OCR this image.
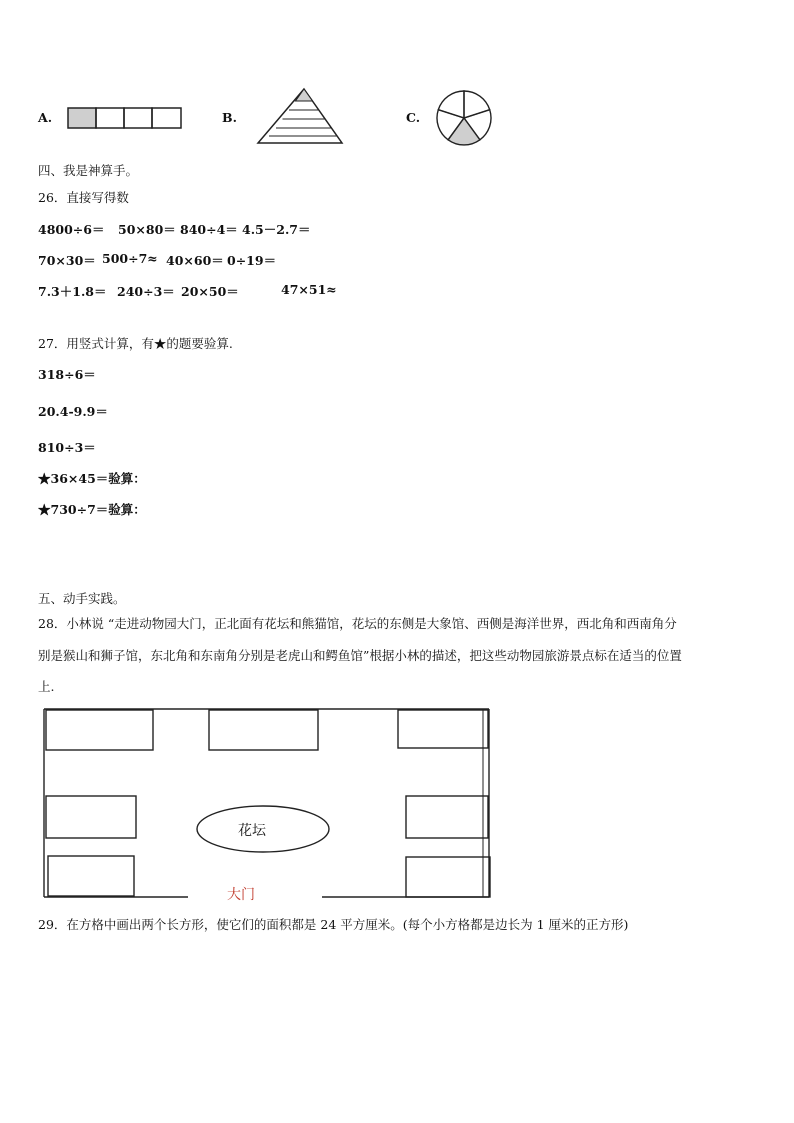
A.	B.	C.
四、我是神算手。
26．直接写得数
4800÷6＝ 50×80＝ 840÷4＝ 4.5－2.7＝
70×30＝ 500÷7≈ 40×60＝ 0÷19＝
7.3＋1.8＝ 240÷3＝ 20×50＝	47×51≈
27．用竖式计算，有★的题要验算.
318÷6＝
20.4-9.9＝
810÷3＝
★36×45＝验算：
★730÷7＝验算：
五、动手实践。
28．小林说 “走进动物园大门，正北面有花坛和熊猫馆，花坛的东侧是大象馆、西侧是海洋世界，西北角和西南角分
别是猴山和狮子馆，东北角和东南角分别是老虎山和鳄鱼馆”根据小林的描述，把这些动物园旅游景点标在适当的位置
上.
花坛
大门
29．在方格中画出两个长方形，使它们的面积都是 24 平方厘米。(每个小方格都是边长为 1 厘米的正方形)
